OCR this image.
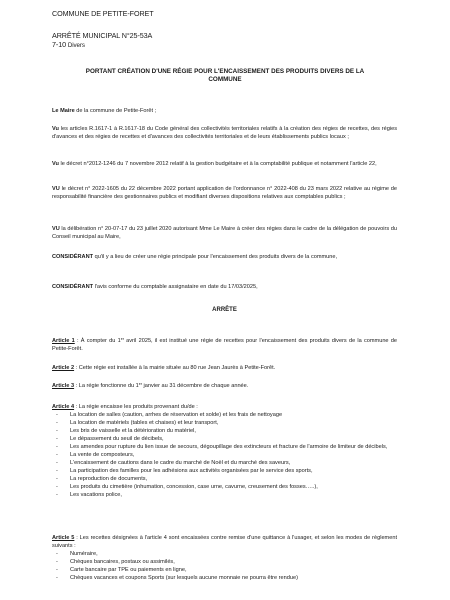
COMMUNE DE PETITE-FORET
ARRÊTÉ MUNICIPAL N°25-53A
7-10 Divers
PORTANT CRÉATION D'UNE RÉGIE POUR L'ENCAISSEMENT DES PRODUITS DIVERS DE LA
COMMUNE
Le Maire de la commune de Petite-Forêt ;
Vu les articles R.1617-1 à R.1617-18 du Code général des collectivités territoriales relatifs à la création des régies de recettes, des régies d'avances et des régies de recettes et d'avances des collectivités territoriales et de leurs établissements publics locaux ;
Vu le décret n°2012-1246 du 7 novembre 2012 relatif à la gestion budgétaire et à la comptabilité publique et notamment l'article 22,
VU le décret n° 2022-1605 du 22 décembre 2022 portant application de l'ordonnance n° 2022-408 du 23 mars 2022 relative au régime de responsabilité financière des gestionnaires publics et modifiant diverses dispositions relatives aux comptables publics ;
VU la délibération n° 20-07-17 du 23 juillet 2020 autorisant Mme Le Maire à créer des régies dans le cadre de la délégation de pouvoirs du Conseil municipal au Maire,
CONSIDÉRANT qu'il y a lieu de créer une régie principale pour l'encaissement des produits divers de la commune,
CONSIDÉRANT l'avis conforme du comptable assignataire en date du 17/03/2025,
ARRÊTE
Article 1 : À compter du 1er avril 2025, il est institué une régie de recettes pour l'encaissement des produits divers de la commune de Petite-Forêt.
Article 2 : Cette régie est installée à la mairie située au 80 rue Jean Jaurès à Petite-Forêt.
Article 3 : La régie fonctionne du 1er janvier au 31 décembre de chaque année.
Article 4 : La régie encaisse les produits provenant du/de :
- La location de salles (caution, arrhes de réservation et solde) et les frais de nettoyage
- La location de matériels (tables et chaises) et leur transport,
- Les bris de vaisselle et la détérioration du matériel,
- Le dépassement du seuil de décibels,
- Les amendes pour rupture du lien issue de secours, dégoupillage des extincteurs et fracture de l'armoire de limiteur de décibels,
- La vente de composteurs,
- L'encaissement de cautions dans le cadre du marché de Noël et du marché des saveurs,
- La participation des familles pour les adhésions aux activités organisées par le service des sports,
- La reproduction de documents,
- Les produits du cimetière (inhumation, concession, case urne, cavurne, creusement des fosses…..),
- Les vacations police,
Article 5 : Les recettes désignées à l'article 4 sont encaissées contre remise d'une quittance à l'usager, et selon les modes de règlement suivants :
- Numéraire,
- Chèques bancaires, postaux ou assimilés,
- Carte bancaire par TPE ou paiements en ligne,
- Chèques vacances et coupons Sports (sur lesquels aucune monnaie ne pourra être rendue)
